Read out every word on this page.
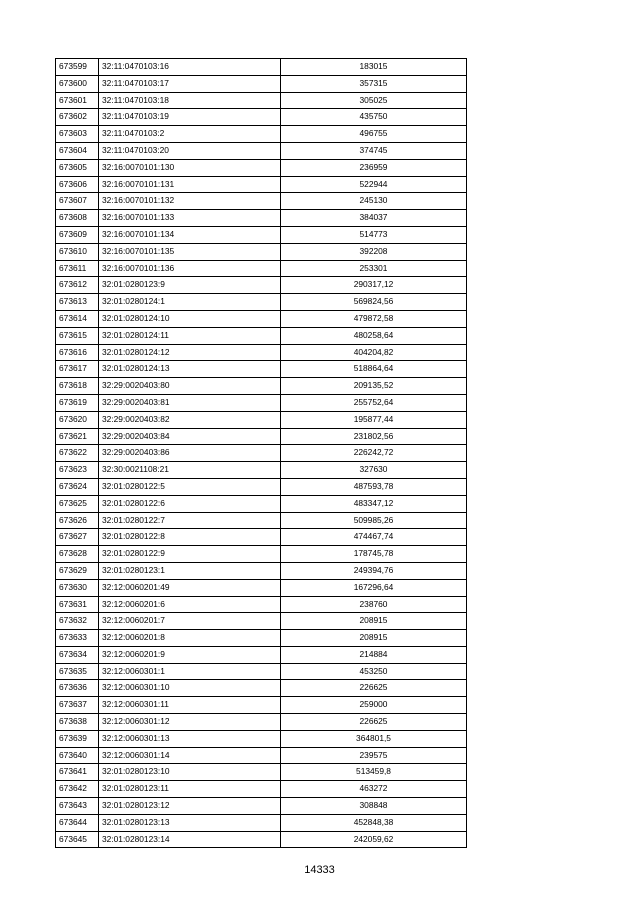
673599	32:11:0470103:16	183015
673600	32:11:0470103:17	357315
673601	32:11:0470103:18	305025
673602	32:11:0470103:19	435750
673603	32:11:0470103:2	496755
673604	32:11:0470103:20	374745
673605	32:16:0070101:130	236959
673606	32:16:0070101:131	522944
673607	32:16:0070101:132	245130
673608	32:16:0070101:133	384037
673609	32:16:0070101:134	514773
673610	32:16:0070101:135	392208
673611	32:16:0070101:136	253301
673612	32:01:0280123:9	290317,12
673613	32:01:0280124:1	569824,56
673614	32:01:0280124:10	479872,58
673615	32:01:0280124:11	480258,64
673616	32:01:0280124:12	404204,82
673617	32:01:0280124:13	518864,64
673618	32:29:0020403:80	209135,52
673619	32:29:0020403:81	255752,64
673620	32:29:0020403:82	195877,44
673621	32:29:0020403:84	231802,56
673622	32:29:0020403:86	226242,72
673623	32:30:0021108:21	327630
673624	32:01:0280122:5	487593,78
673625	32:01:0280122:6	483347,12
673626	32:01:0280122:7	509985,26
673627	32:01:0280122:8	474467,74
673628	32:01:0280122:9	178745,78
673629	32:01:0280123:1	249394,76
673630	32:12:0060201:49	167296,64
673631	32:12:0060201:6	238760
673632	32:12:0060201:7	208915
673633	32:12:0060201:8	208915
673634	32:12:0060201:9	214884
673635	32:12:0060301:1	453250
673636	32:12:0060301:10	226625
673637	32:12:0060301:11	259000
673638	32:12:0060301:12	226625
673639	32:12:0060301:13	364801,5
673640	32:12:0060301:14	239575
673641	32:01:0280123:10	513459,8
673642	32:01:0280123:11	463272
673643	32:01:0280123:12	308848
673644	32:01:0280123:13	452848,38
673645	32:01:0280123:14	242059,62
14333
